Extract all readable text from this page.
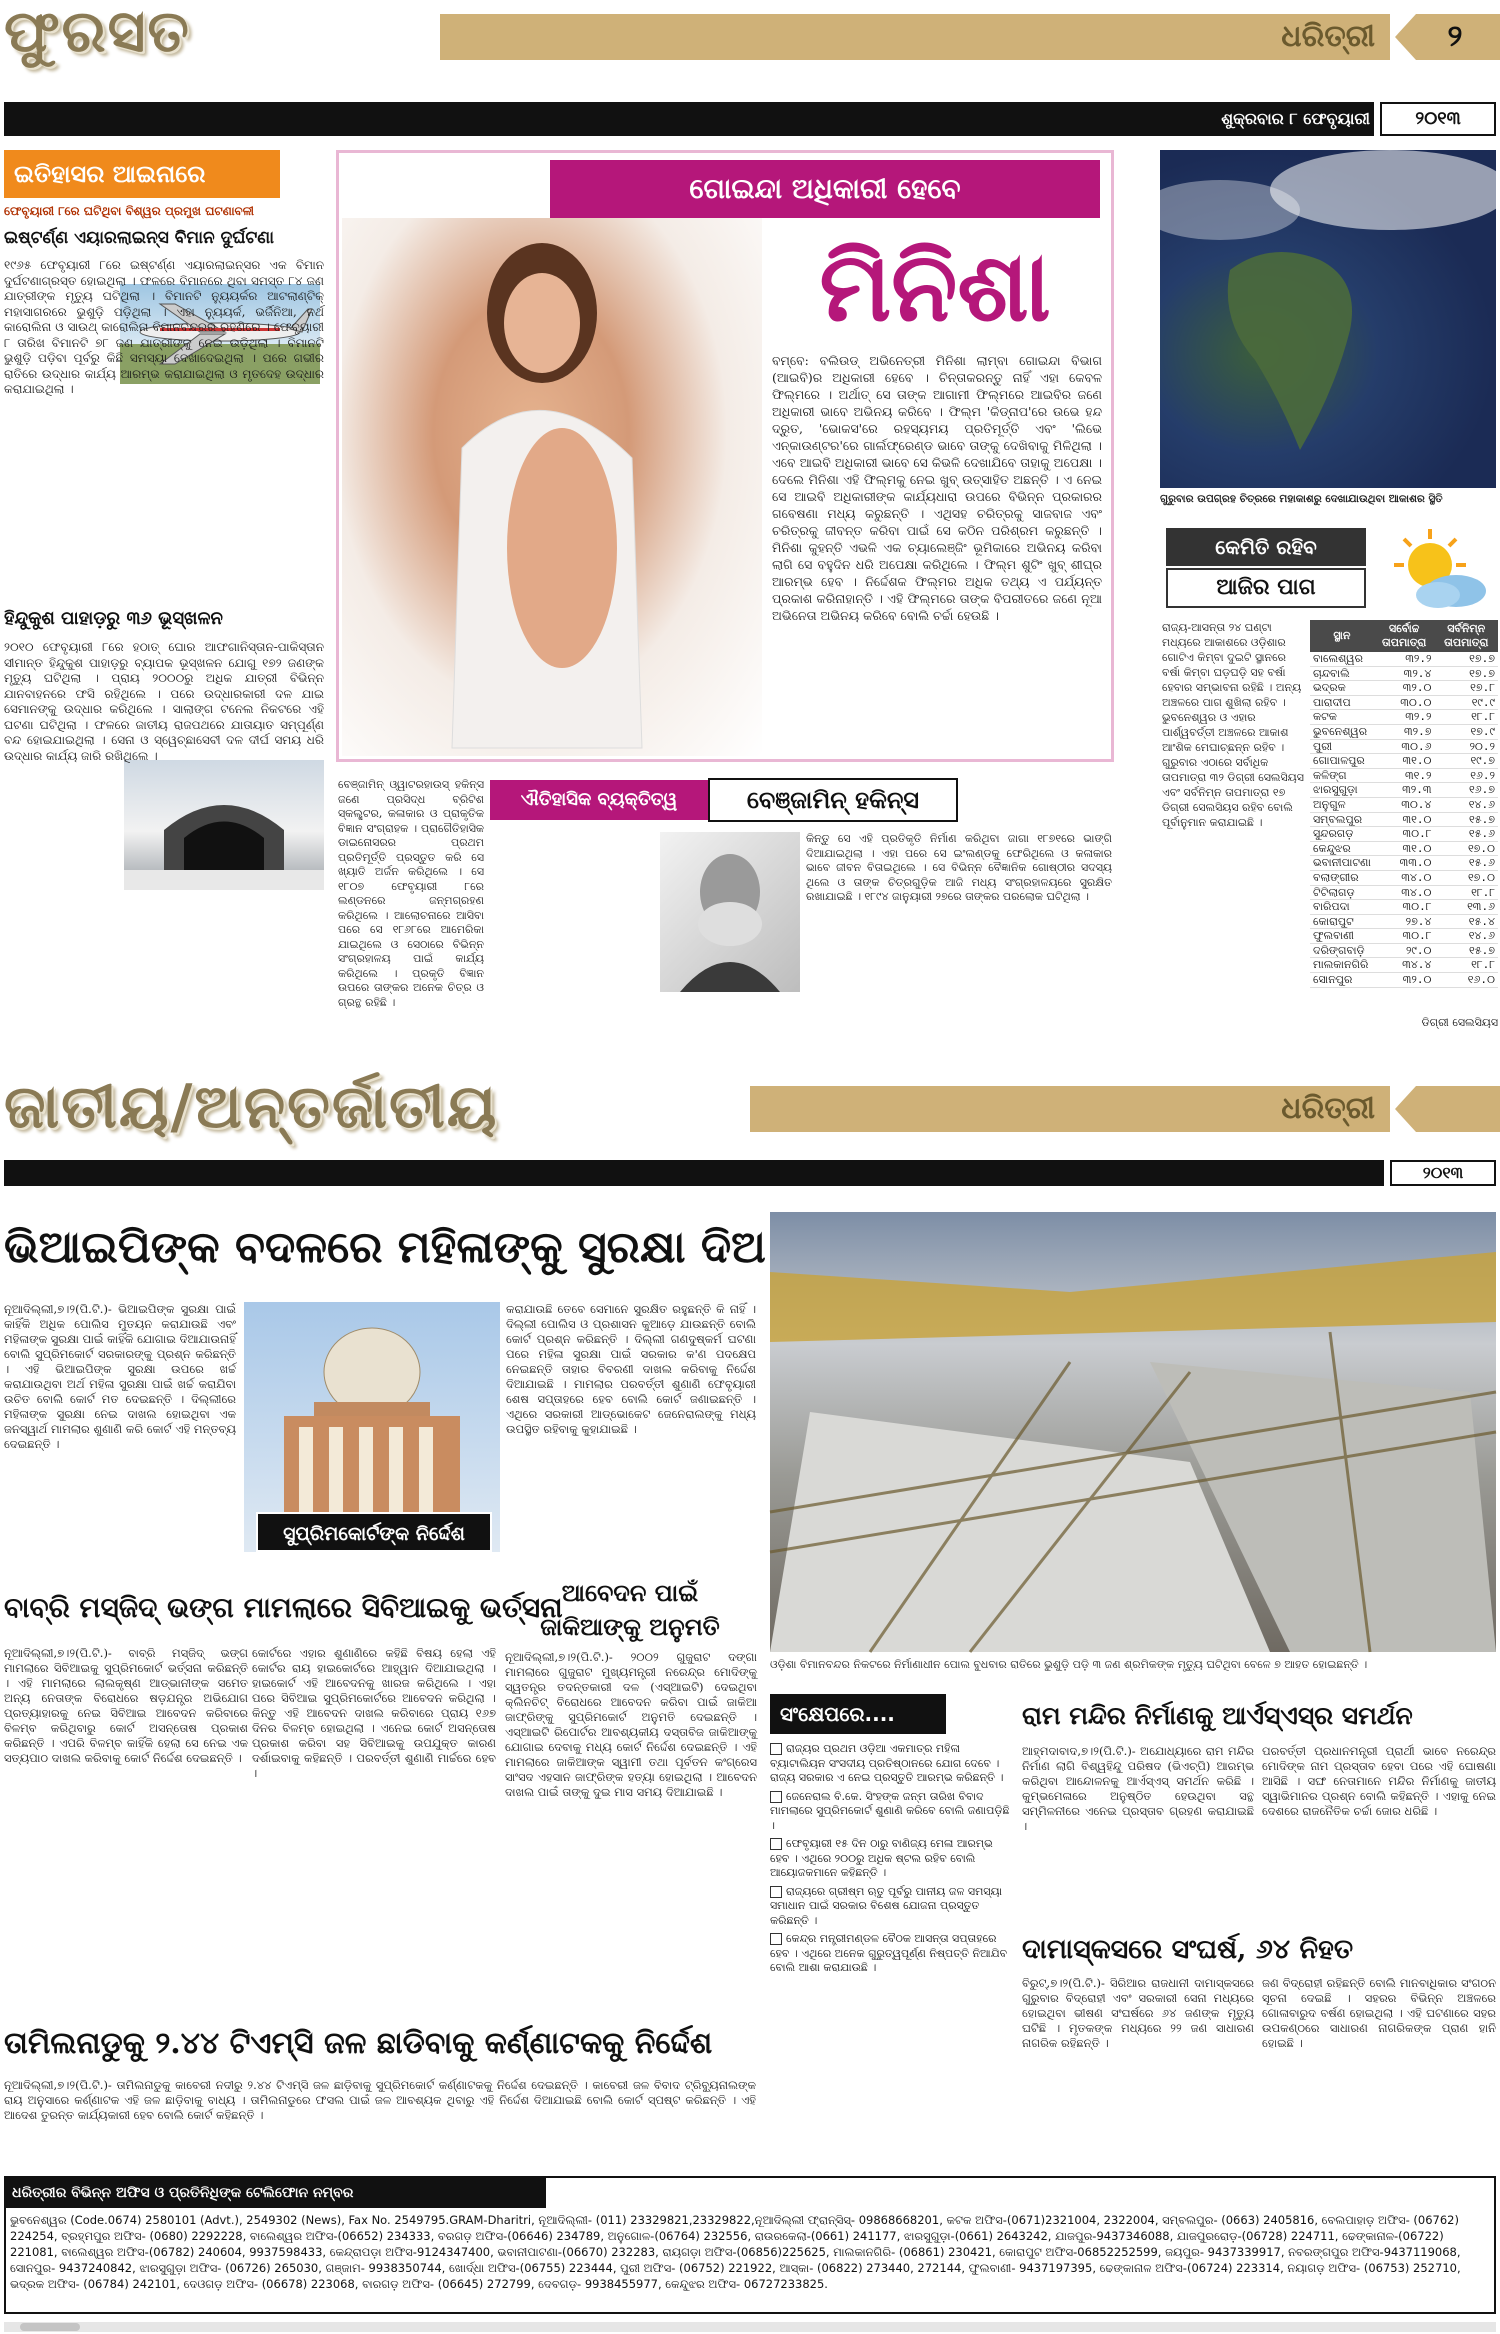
ଫୁରସତ	ଧରିତ୍ରୀ	୨
ଶୁକ୍ରବାର ୮ ଫେବୃୟାରୀ	୨୦୧୩
ଇତିହାସର ଆଇନାରେ
ଫେବୃୟାରୀ ୮ରେ ଘଟିଥିବା ବିଶ୍ୱର ପ୍ରମୁଖ ଘଟଣାବଳୀ
ଇଷ୍ଟର୍ଣ୍ଣ ଏୟାରଲାଇନ୍ସ ବିମାନ ଦୁର୍ଘଟଣା
୧୯୬୫ ଫେବୃୟାରୀ ୮ରେ ଇଷ୍ଟର୍ଣ୍ଣ ଏୟାରଲାଇନ୍ସର ଏକ ବିମାନ ଦୁର୍ଘଟଣାଗ୍ରସ୍ତ ହୋଇଥିଲା । ଫଳରେ ବିମାନରେ ଥିବା ସମସ୍ତ ୮୪ ଜଣ ଯାତ୍ରୀଙ୍କ ମୃତ୍ୟୁ ଘଟିଥିଲା । ବିମାନଟି ନ୍ୟୁୟର୍କର ଆଟଲାଣ୍ଟିକ୍ ମହାସାଗରରେ ଭୁଶୁଡ଼ି ପଡ଼ିଥିଲା । ଏହା ନ୍ୟୁୟର୍କ, ଭର୍ଜିନିଆ, ନର୍ଥ କାରୋଲିନା ଓ ସାଉଥ୍ କାରୋଲିନା ବିମାନବନ୍ଦରର ରହଣିରେ । ଫେବୃୟାରୀ ୮ ତାରିଖ ବିମାନଟି ୭୮ ଜଣ ଯାତ୍ରୀଙ୍କୁ ନେଇ ଉଡ଼ିଥିଲା । ବିମାନଟି ଭୁଶୁଡ଼ି ପଡ଼ିବା ପୂର୍ବରୁ କିଛି ସମସ୍ୟା ଦେଖାଦେଇଥିଲା । ପରେ ଗଭୀର ରାତିରେ ଉଦ୍ଧାର କାର୍ଯ୍ୟ ଆରମ୍ଭ କରାଯାଇଥିଲା ଓ ମୃତଦେହ ଉଦ୍ଧାର କରାଯାଇଥିଲା ।
ହିନ୍ଦୁକୁଶ ପାହାଡ଼ରୁ ୩୬ ଭୂସ୍ଖଳନ
୨୦୧୦ ଫେବୃୟାରୀ ୮ରେ ହଠାତ୍ ଘୋର ଆଫଗାନିସ୍ତାନ-ପାକିସ୍ତାନ ସୀମାନ୍ତ ହିନ୍ଦୁକୁଶ ପାହାଡ଼ରୁ ବ୍ୟାପକ ଭୂସ୍ଖଳନ ଯୋଗୁ ୧୭୨ ଜଣଙ୍କ ମୃତ୍ୟୁ ଘଟିଥିଲା । ପ୍ରାୟ ୨୦୦୦ରୁ ଅଧିକ ଯାତ୍ରୀ ବିଭିନ୍ନ ଯାନବାହନରେ ଫସି ରହିଥିଲେ । ପରେ ଉଦ୍ଧାରକାରୀ ଦଳ ଯାଇ ସେମାନଙ୍କୁ ଉଦ୍ଧାର କରିଥିଲେ । ସାଲାଙ୍ଗ ଟନେଲ ନିକଟରେ ଏହି ଘଟଣା ଘଟିଥିଲା । ଫଳରେ ଜାତୀୟ ରାଜପଥରେ ଯାତାୟାତ ସମ୍ପୂର୍ଣ୍ଣ ବନ୍ଦ ହୋଇଯାଇଥିଲା । ସେନା ଓ ସ୍ୱେଚ୍ଛାସେବୀ ଦଳ ଦୀର୍ଘ ସମୟ ଧରି ଉଦ୍ଧାର କାର୍ଯ୍ୟ ଜାରି ରଖିଥିଲେ ।
ଗୋଇନ୍ଦା ଅଧିକାରୀ ହେବେ
ମିନିଶା
ବମ୍ବେ: ବଲିଉଡ୍ ଅଭିନେତ୍ରୀ ମିନିଶା ଲାମ୍ବା ଗୋଇନ୍ଦା ବିଭାଗ (ଆଇବି)ର ଅଧିକାରୀ ହେବେ । ଚିନ୍ତାକରନ୍ତୁ ନାହିଁ ଏହା କେବଳ ଫିଲ୍ମରେ । ଅର୍ଥାତ୍ ସେ ତାଙ୍କ ଆଗାମୀ ଫିଲ୍ମରେ ଆଇବିର ଜଣେ ଅଧିକାରୀ ଭାବେ ଅଭିନୟ କରିବେ । ଫିଲ୍ମ 'କିଡ୍ନାପ'ରେ ଉଭେ ହନ୍ଦ ଦ୍ରୁତ, 'ଭୋକସ'ରେ ରହସ୍ୟମୟ ପ୍ରତିମୂର୍ତ୍ତି ଏବଂ 'ଲିଭେ ଏନ୍କାଉଣ୍ଟର'ରେ ଗାର୍ଲଫ୍ରେଣ୍ଡ ଭାବେ ତାଙ୍କୁ ଦେଖିବାକୁ ମିଳିଥିଲା । ଏବେ ଆଇବି ଅଧିକାରୀ ଭାବେ ସେ କିଭଳି ଦେଖାଯିବେ ତାହାକୁ ଅପେକ୍ଷା । ଦେଲେ ମିନିଶା ଏହି ଫିଲ୍ମକୁ ନେଇ ଖୁବ୍ ଉତ୍ସାହିତ ଅଛନ୍ତି । ଏ ନେଇ ସେ ଆଇବି ଅଧିକାରୀଙ୍କ କାର୍ଯ୍ୟଧାରା ଉପରେ ବିଭିନ୍ନ ପ୍ରକାରର ଗବେଷଣା ମଧ୍ୟ କରୁଛନ୍ତି । ଏଥିସହ ଚରିତ୍ରକୁ ସାଜବାଜ ଏବଂ ଚରିତ୍ରକୁ ଜୀବନ୍ତ କରିବା ପାଇଁ ସେ କଠିନ ପରିଶ୍ରମ କରୁଛନ୍ତି । ମିନିଶା କୁହନ୍ତି ଏଭଳି ଏକ ଚ୍ୟାଲେଞ୍ଜିଂ ଭୂମିକାରେ ଅଭିନୟ କରିବା ଲାଗି ସେ ବହୁଦିନ ଧରି ଅପେକ୍ଷା କରିଥିଲେ । ଫିଲ୍ମ ଶୁଟିଂ ଖୁବ୍ ଶୀଘ୍ର ଆରମ୍ଭ ହେବ । ନିର୍ଦ୍ଦେଶକ ଫିଲ୍ମର ଅଧିକ ତଥ୍ୟ ଏ ପର୍ଯ୍ୟନ୍ତ ପ୍ରକାଶ କରିନାହାନ୍ତି । ଏହି ଫିଲ୍ମରେ ତାଙ୍କ ବିପରୀତରେ ଜଣେ ନୂଆ ଅଭିନେତା ଅଭିନୟ କରିବେ ବୋଲି ଚର୍ଚ୍ଚା ହେଉଛି ।
ଐତିହାସିକ ବ୍ୟକ୍ତିତ୍ୱ	ବେଞ୍ଜାମିନ୍ ହକିନ୍ସ
ବେଞ୍ଜାମିନ୍ ଓ୍ୱାଟରହାଉସ୍ ହକିନ୍ସ ଜଣେ ପ୍ରସିଦ୍ଧ ବ୍ରିଟିଶ ସ୍କଲ୍ପ୍ଟର, କଳାକାର ଓ ପ୍ରାକୃତିକ ବିଜ୍ଞାନ ସଂଗ୍ରାହକ । ପ୍ରାଗୈତିହାସିକ ଡାଇନୋସରର ପ୍ରଥମ ପ୍ରତିମୂର୍ତ୍ତି ପ୍ରସ୍ତୁତ କରି ସେ ଖ୍ୟାତି ଅର୍ଜନ କରିଥିଲେ । ସେ ୧୮୦୭ ଫେବୃୟାରୀ ୮ରେ ଲଣ୍ଡନରେ ଜନ୍ମଗ୍ରହଣ କରିଥିଲେ । ଆଲୋଚନାରେ ଆସିବା ପରେ ସେ ୧୮୬୮ରେ ଆମେରିକା ଯାଇଥିଲେ ଓ ସେଠାରେ ବିଭିନ୍ନ ସଂଗ୍ରହାଳୟ ପାଇଁ କାର୍ଯ୍ୟ କରିଥିଲେ । ପ୍ରକୃତି ବିଜ୍ଞାନ ଉପରେ ତାଙ୍କର ଅନେକ ଚିତ୍ର ଓ ଗ୍ରନ୍ଥ ରହିଛି ।
କିନ୍ତୁ ସେ ଏହି ପ୍ରତିକୃତି ନିର୍ମାଣ କରିଥିବା ଜାଗା ୧୮୭୧ରେ ଭାଙ୍ଗି ଦିଆଯାଇଥିଲା । ଏହା ପରେ ସେ ଇଂଲଣ୍ଡକୁ ଫେରିଥିଲେ ଓ କଳାକାର ଭାବେ ଜୀବନ ବିତାଇଥିଲେ । ସେ ବିଭିନ୍ନ ବୈଜ୍ଞାନିକ ଗୋଷ୍ଠୀର ସଦସ୍ୟ ଥିଲେ ଓ ତାଙ୍କ ଚିତ୍ରଗୁଡ଼ିକ ଆଜି ମଧ୍ୟ ସଂଗ୍ରହାଳୟରେ ସୁରକ୍ଷିତ ରଖାଯାଇଛି । ୧୮୯୪ ଜାନୁୟାରୀ ୨୭ରେ ତାଙ୍କର ପରଲୋକ ଘଟିଥିଲା ।
ଗୁରୁବାର ଉପଗ୍ରହ ଚିତ୍ରରେ ମହାକାଶରୁ ଦେଖାଯାଉଥିବା ଆକାଶର ସ୍ଥିତି
କେମିତି ରହିବ
ଆଜିର ପାଗ
ରାଜ୍ୟ-ଆସନ୍ତା ୨୪ ଘଣ୍ଟା ମଧ୍ୟରେ ଆକାଶରେ ଓଡ଼ିଶାର ଗୋଟିଏ କିମ୍ବା ଦୁଇଟି ସ୍ଥାନରେ ବର୍ଷା କିମ୍ବା ଘଡ଼ଘଡ଼ି ସହ ବର୍ଷା ହେବାର ସମ୍ଭାବନା ରହିଛି । ଅନ୍ୟ ଅଞ୍ଚଳରେ ପାଗ ଶୁଖିଲା ରହିବ । ଭୁବନେଶ୍ୱର ଓ ଏହାର ପାର୍ଶ୍ୱବର୍ତ୍ତୀ ଅଞ୍ଚଳରେ ଆକାଶ ଆଂଶିକ ମେଘାଚ୍ଛନ୍ନ ରହିବ । ଗୁରୁବାର ଏଠାରେ ସର୍ବାଧିକ ତାପମାତ୍ରା ୩୨ ଡିଗ୍ରୀ ସେଲସିୟସ ଏବଂ ସର୍ବନିମ୍ନ ତାପମାତ୍ରା ୧୭ ଡିଗ୍ରୀ ସେଲସିୟସ ରହିବ ବୋଲି ପୂର୍ବାନୁମାନ କରାଯାଇଛି ।
ସ୍ଥାନ	ସର୍ବୋଚ୍ଚ ତାପମାତ୍ରା	ସର୍ବନିମ୍ନ ତାପମାତ୍ରା
ବାଲେଶ୍ୱର	୩୨.୨	୧୭.୭
ଚାନ୍ଦବାଲି	୩୨.୪	୧୭.୭
ଭଦ୍ରକ	୩୨.୦	୧୭.୮
ପାରାଦୀପ	୩୦.୦	୧୯.୯
କଟକ	୩୨.୨	୧୮.୮
ଭୁବନେଶ୍ୱର	୩୨.୭	୧୭.୯
ପୁରୀ	୩୦.୬	୨୦.୨
ଗୋପାଳପୁର	୩୧.୦	୧୯.୭
କଳିଙ୍ଗ	୩୧.୨	୧୬.୨
ଝାରସୁଗୁଡ଼ା	୩୨.୩	୧୬.୭
ଅନୁଗୁଳ	୩୦.୪	୧୪.୬
ସମ୍ବଲପୁର	୩୧.୦	୧୫.୭
ସୁନ୍ଦରଗଡ଼	୩୦.୮	୧୫.୬
କେନ୍ଦୁଝର	୩୧.୦	୧୭.୦
ଭବାନୀପାଟଣା	୩୩.୦	୧୫.୬
ବଲାଙ୍ଗୀର	୩୪.୦	୧୭.୦
ଟିଟିଲାଗଡ଼	୩୪.୦	୧୮.୮
ବାରିପଦା	୩୦.୮	୧୩.୬
କୋରାପୁଟ	୨୭.୪	୧୫.୪
ଫୁଲବାଣୀ	୩୦.୮	୧୪.୬
ଦରିଙ୍ଗବାଡ଼ି	୨୯.୦	୧୫.୭
ମାଲକାନଗିରି	୩୪.୪	୧୮.୮
ସୋନପୁର	୩୨.୦	୧୬.୦
ଡିଗ୍ରୀ ସେଲସିୟସ
ଜାତୀୟ/ଅନ୍ତର୍ଜାତୀୟ	ଧରିତ୍ରୀ
୨୦୧୩
ଭିଆଇପିଙ୍କ ବଦଳରେ ମହିଳାଙ୍କୁ ସୁରକ୍ଷା ଦିଅ
ନୂଆଦିଲ୍ଲୀ,୭।୨(ପି.ଟି.)- ଭିଆଇପିଙ୍କ ସୁରକ୍ଷା ପାଇଁ କାହିଁକି ଅଧିକ ପୋଲିସ ମୁତୟନ କରାଯାଉଛି ଏବଂ ମହିଳାଙ୍କ ସୁରକ୍ଷା ପାଇଁ କାହିଁକି ଯୋଗାଇ ଦିଆଯାଉନାହିଁ ବୋଲି ସୁପ୍ରିମକୋର୍ଟ ସରକାରଙ୍କୁ ପ୍ରଶ୍ନ କରିଛନ୍ତି । ଏହି ଭିଆଇପିଙ୍କ ସୁରକ୍ଷା ଉପରେ ଖର୍ଚ୍ଚ କରାଯାଉଥିବା ଅର୍ଥ ମହିଳା ସୁରକ୍ଷା ପାଇଁ ଖର୍ଚ୍ଚ କରାଯିବା ଉଚିତ ବୋଲି କୋର୍ଟ ମତ ଦେଇଛନ୍ତି । ଦିଲ୍ଲୀରେ ମହିଳାଙ୍କ ସୁରକ୍ଷା ନେଇ ଦାଖଲ ହୋଇଥିବା ଏକ ଜନସ୍ୱାର୍ଥ ମାମଲାର ଶୁଣାଣି କରି କୋର୍ଟ ଏହି ମନ୍ତବ୍ୟ ଦେଇଛନ୍ତି ।
ସୁପ୍ରିମକୋର୍ଟଙ୍କ ନିର୍ଦ୍ଦେଶ
କରାଯାଉଛି ତେବେ ସେମାନେ ସୁରକ୍ଷିତ ରହୁଛନ୍ତି କି ନାହିଁ । ଦିଲ୍ଲୀ ପୋଲିସ ଓ ପ୍ରଶାସନ କୁଆଡ଼େ ଯାଉଛନ୍ତି ବୋଲି କୋର୍ଟ ପ୍ରଶ୍ନ କରିଛନ୍ତି । ଦିଲ୍ଲୀ ଗଣଦୁଷ୍କର୍ମ ଘଟଣା ପରେ ମହିଳା ସୁରକ୍ଷା ପାଇଁ ସରକାର କ'ଣ ପଦକ୍ଷେପ ନେଇଛନ୍ତି ତାହାର ବିବରଣୀ ଦାଖଲ କରିବାକୁ ନିର୍ଦ୍ଦେଶ ଦିଆଯାଇଛି । ମାମଲାର ପରବର୍ତ୍ତୀ ଶୁଣାଣି ଫେବୃୟାରୀ ଶେଷ ସପ୍ତାହରେ ହେବ ବୋଲି କୋର୍ଟ ଜଣାଇଛନ୍ତି । ଏଥିରେ ସରକାରୀ ଆଡ୍ଭୋକେଟ ଜେନେରାଲଙ୍କୁ ମଧ୍ୟ ଉପସ୍ଥିତ ରହିବାକୁ କୁହାଯାଇଛି ।
ବାବ୍ରି ମସ୍ଜିଦ୍ ଭଙ୍ଗ ମାମଲାରେ ସିବିଆଇକୁ ଭର୍ତ୍ସନା
ନୂଆଦିଲ୍ଲୀ,୭।୨(ପି.ଟି.)- ବାବ୍ରି ମସ୍ଜିଦ୍ ଭଙ୍ଗ ମାମଲାରେ ସିବିଆଇକୁ ସୁପ୍ରିମକୋର୍ଟ ଭର୍ତ୍ସନା କରିଛନ୍ତି । ଏହି ମାମଲାରେ ଲାଲକୃଷ୍ଣ ଆଡ୍ଭାନୀଙ୍କ ସମେତ ଅନ୍ୟ ନେତାଙ୍କ ବିରୋଧରେ ଷଡ଼ଯନ୍ତ୍ର ଅଭିଯୋଗ ପ୍ରତ୍ୟାହାରକୁ ନେଇ ସିବିଆଇ ଆବେଦନ କରିବାରେ ବିଳମ୍ବ କରିଥିବାରୁ କୋର୍ଟ ଅସନ୍ତୋଷ ପ୍ରକାଶ କରିଛନ୍ତି । ଏପରି ବିଳମ୍ବ କାହିଁକି ହେଲା ସେ ନେଇ ଏକ ସତ୍ୟପାଠ ଦାଖଲ କରିବାକୁ କୋର୍ଟ ନିର୍ଦ୍ଦେଶ ଦେଇଛନ୍ତି ।
କୋର୍ଟରେ ଏହାର ଶୁଣାଣିରେ କହିଛି ବିଷୟ ହେଲା ଏହି କୋର୍ଟର ରାୟ ହାଇକୋର୍ଟରେ ଆହ୍ୱାନ ଦିଆଯାଇଥିଲା । ହାଇକୋର୍ଟ ଏହି ଆବେଦନକୁ ଖାରଜ କରିଥିଲେ । ଏହା ପରେ ସିବିଆଇ ସୁପ୍ରିମକୋର୍ଟରେ ଆବେଦନ କରିଥିଲା । କିନ୍ତୁ ଏହି ଆବେଦନ ଦାଖଲ କରିବାରେ ପ୍ରାୟ ୧୬୭ ଦିନର ବିଳମ୍ବ ହୋଇଥିଲା । ଏନେଇ କୋର୍ଟ ଅସନ୍ତୋଷ ପ୍ରକାଶ କରିବା ସହ ସିବିଆଇକୁ ଉପଯୁକ୍ତ କାରଣ ଦର୍ଶାଇବାକୁ କହିଛନ୍ତି । ପରବର୍ତ୍ତୀ ଶୁଣାଣି ମାର୍ଚ୍ଚରେ ହେବ ।
ଆବେଦନ ପାଇଁ
ଜାକିଆଙ୍କୁ ଅନୁମତି
ନୂଆଦିଲ୍ଲୀ,୭।୨(ପି.ଟି.)- ୨୦୦୨ ଗୁଜୁରାଟ ଦଙ୍ଗା ମାମଲାରେ ଗୁଜୁରାଟ ମୁଖ୍ୟମନ୍ତ୍ରୀ ନରେନ୍ଦ୍ର ମୋଦିଙ୍କୁ ସ୍ୱତନ୍ତ୍ର ତଦନ୍ତକାରୀ ଦଳ (ଏସ୍ଆଇଟି) ଦେଇଥିବା କ୍ଲିନଚିଟ୍ ବିରୋଧରେ ଆବେଦନ କରିବା ପାଇଁ ଜାକିଆ ଜାଫ୍ରିଙ୍କୁ ସୁପ୍ରିମକୋର୍ଟ ଅନୁମତି ଦେଇଛନ୍ତି । ଏସ୍ଆଇଟି ରିପୋର୍ଟର ଆବଶ୍ୟକୀୟ ଦସ୍ତାବିଜ ଜାକିଆଙ୍କୁ ଯୋଗାଇ ଦେବାକୁ ମଧ୍ୟ କୋର୍ଟ ନିର୍ଦ୍ଦେଶ ଦେଇଛନ୍ତି । ଏହି ମାମଲାରେ ଜାକିଆଙ୍କ ସ୍ୱାମୀ ତଥା ପୂର୍ବତନ କଂଗ୍ରେସ ସାଂସଦ ଏହସାନ ଜାଫ୍ରିଙ୍କ ହତ୍ୟା ହୋଇଥିଲା । ଆବେଦନ ଦାଖଲ ପାଇଁ ତାଙ୍କୁ ଦୁଇ ମାସ ସମୟ ଦିଆଯାଇଛି ।
ତାମିଲନାଡୁକୁ ୨.୪୪ ଟିଏମ୍ସି ଜଳ ଛାଡିବାକୁ କର୍ଣ୍ଣାଟକକୁ ନିର୍ଦ୍ଦେଶ
ନୂଆଦିଲ୍ଲୀ,୭।୨(ପି.ଟି.)- ତାମିଲନାଡୁକୁ କାବେରୀ ନଦୀରୁ ୨.୪୪ ଟିଏମ୍ସି ଜଳ ଛାଡ଼ିବାକୁ ସୁପ୍ରିମକୋର୍ଟ କର୍ଣ୍ଣାଟକକୁ ନିର୍ଦ୍ଦେଶ ଦେଇଛନ୍ତି । କାବେରୀ ଜଳ ବିବାଦ ଟ୍ରିବ୍ୟୁନାଲଙ୍କ ରାୟ ଅନୁସାରେ କର୍ଣ୍ଣାଟକ ଏହି ଜଳ ଛାଡ଼ିବାକୁ ବାଧ୍ୟ । ତାମିଲନାଡୁରେ ଫସଲ ପାଇଁ ଜଳ ଆବଶ୍ୟକ ଥିବାରୁ ଏହି ନିର୍ଦ୍ଦେଶ ଦିଆଯାଇଛି ବୋଲି କୋର୍ଟ ସ୍ପଷ୍ଟ କରିଛନ୍ତି । ଏହି ଆଦେଶ ତୁରନ୍ତ କାର୍ଯ୍ୟକାରୀ ହେବ ବୋଲି କୋର୍ଟ କହିଛନ୍ତି ।
ଓଡ଼ିଶା ବିମାନବନ୍ଦର ନିକଟରେ ନିର୍ମାଣାଧୀନ ପୋଲ ବୁଧବାର ରାତିରେ ଭୁଶୁଡ଼ି ପଡ଼ି ୩ ଜଣ ଶ୍ରମିକଙ୍କ ମୃତ୍ୟୁ ଘଟିଥିବା ବେଳେ ୭ ଆହତ ହୋଇଛନ୍ତି ।
ସଂକ୍ଷେପରେ....
ରାଜ୍ୟର ପ୍ରଥମ ଓଡ଼ିଆ ଏକମାତ୍ର ମହିଳା ବ୍ୟାଟାଲିୟନ ସଂସଦୀୟ ପ୍ରତିଷ୍ଠାନରେ ଯୋଗ ଦେବେ । ରାଜ୍ୟ ସରକାର ଏ ନେଇ ପ୍ରସ୍ତୁତି ଆରମ୍ଭ କରିଛନ୍ତି ।
ଜେନେରାଲ ବି.କେ. ସିଂହଙ୍କ ଜନ୍ମ ତାରିଖ ବିବାଦ ମାମଲାରେ ସୁପ୍ରିମକୋର୍ଟ ଶୁଣାଣି କରିବେ ବୋଲି ଜଣାପଡ଼ିଛି ।
ଫେବୃୟାରୀ ୧୫ ଦିନ ଠାରୁ ବାଣିଜ୍ୟ ମେଳା ଆରମ୍ଭ ହେବ । ଏଥିରେ ୨୦୦ରୁ ଅଧିକ ଷ୍ଟଲ ରହିବ ବୋଲି ଆୟୋଜକମାନେ କହିଛନ୍ତି ।
ରାଜ୍ୟରେ ଗ୍ରୀଷ୍ମ ଋତୁ ପୂର୍ବରୁ ପାନୀୟ ଜଳ ସମସ୍ୟା ସମାଧାନ ପାଇଁ ସରକାର ବିଶେଷ ଯୋଜନା ପ୍ରସ୍ତୁତ କରିଛନ୍ତି ।
କେନ୍ଦ୍ର ମନ୍ତ୍ରୀମଣ୍ଡଳ ବୈଠକ ଆସନ୍ତା ସପ୍ତାହରେ ହେବ । ଏଥିରେ ଅନେକ ଗୁରୁତ୍ୱପୂର୍ଣ୍ଣ ନିଷ୍ପତ୍ତି ନିଆଯିବ ବୋଲି ଆଶା କରାଯାଉଛି ।
ରାମ ମନ୍ଦିର ନିର୍ମାଣକୁ ଆର୍ଏସ୍ଏସ୍‌ର ସମର୍ଥନ
ଆହ୍ମଦାବାଦ,୭।୨(ପି.ଟି.)- ଅଯୋଧ୍ୟାରେ ରାମ ମନ୍ଦିର ନିର୍ମାଣ ଲାଗି ବିଶ୍ୱହିନ୍ଦୁ ପରିଷଦ (ଭିଏଚ୍ପି) ଆରମ୍ଭ କରିଥିବା ଆନ୍ଦୋଳନକୁ ଆର୍ଏସ୍ଏସ୍ ସମର୍ଥନ କରିଛି । କୁମ୍ଭମେଳାରେ ଅନୁଷ୍ଠିତ ହେଉଥିବା ସନ୍ଥ ସମ୍ମିଳନୀରେ ଏନେଇ ପ୍ରସ୍ତାବ ଗ୍ରହଣ କରାଯାଇଛି ।
ପରବର୍ତ୍ତୀ ପ୍ରଧାନମନ୍ତ୍ରୀ ପ୍ରାର୍ଥୀ ଭାବେ ନରେନ୍ଦ୍ର ମୋଦିଙ୍କ ନାମ ପ୍ରସ୍ତାବ ହେବା ପରେ ଏହି ଘୋଷଣା ଆସିଛି । ସଙ୍ଘ ନେତାମାନେ ମନ୍ଦିର ନିର୍ମାଣକୁ ଜାତୀୟ ସ୍ୱାଭିମାନର ପ୍ରଶ୍ନ ବୋଲି କହିଛନ୍ତି । ଏହାକୁ ନେଇ ଦେଶରେ ରାଜନୈତିକ ଚର୍ଚ୍ଚା ଜୋର ଧରିଛି ।
ଦାମାସ୍କସରେ ସଂଘର୍ଷ, ୬୪ ନିହତ
ବିରୁଟ୍,୭।୨(ପି.ଟି.)- ସିରିଆର ରାଜଧାନୀ ଦାମାସ୍କସରେ ଗୁରୁବାର ବିଦ୍ରୋହୀ ଏବଂ ସରକାରୀ ସେନା ମଧ୍ୟରେ ହୋଇଥିବା ଭୀଷଣ ସଂଘର୍ଷରେ ୬୪ ଜଣଙ୍କ ମୃତ୍ୟୁ ଘଟିଛି । ମୃତକଙ୍କ ମଧ୍ୟରେ ୨୨ ଜଣ ସାଧାରଣ ନାଗରିକ ରହିଛନ୍ତି ।
ଜଣ ବିଦ୍ରୋହୀ ରହିଛନ୍ତି ବୋଲି ମାନବାଧିକାର ସଂଗଠନ ସୂଚନା ଦେଇଛି । ସହରର ବିଭିନ୍ନ ଅଞ୍ଚଳରେ ଗୋଳାବାରୁଦ ବର୍ଷଣ ହୋଇଥିଲା । ଏହି ଘଟଣାରେ ସହର ଉପକଣ୍ଠରେ ସାଧାରଣ ନାଗରିକଙ୍କ ପ୍ରାଣ ହାନି ହୋଇଛି ।
ଧରିତ୍ରୀର ବିଭିନ୍ନ ଅଫିସ ଓ ପ୍ରତିନିଧିଙ୍କ ଟେଲିଫୋନ ନମ୍ବର
ଭୁବନେଶ୍ୱର (Code.0674) 2580101 (Advt.), 2549302 (News), Fax No. 2549795.GRAM-Dharitri, ନୂଆଦିଲ୍ଲୀ- (011) 23329821,23329822,ନୂଆଦିଲ୍ଲୀ ଫ୍ରାନ୍ସିସ୍- 09868668201, କଟକ ଅଫିସ-(0671)2321004, 2322004, ସମ୍ବଲପୁର- (0663) 2405816, ବେଲପାହାଡ଼ ଅଫିସ- (06762) 224254, ବ୍ରହ୍ମପୁର ଅଫିସ- (0680) 2292228, ବାଲେଶ୍ୱର ଅଫିସ-(06652) 234333, ବରଗଡ଼ ଅଫିସ-(06646) 234789, ଅନୁଗୋଳ-(06764) 232556, ରାଉରକେଲା-(0661) 241177, ଝାରସୁଗୁଡ଼ା-(0661) 2643242, ଯାଜପୁର-9437346088, ଯାଜପୁରରୋଡ଼-(06728) 224711, ଢେଙ୍କାନାଳ-(06722) 221081, ବାଲେଶ୍ୱର ଅଫିସ-(06782) 240604, 9937598433, କେନ୍ଦ୍ରାପଡ଼ା ଅଫିସ-9124347400, ଭବାନୀପାଟଣା-(06670) 232283, ରାୟଗଡ଼ା ଅଫିସ-(06856)225625, ମାଲକାନଗିରି- (06861) 230421, କୋରାପୁଟ ଅଫିସ-06852252599, ଜୟପୁର- 9437339917, ନବରଙ୍ଗପୁର ଅଫିସ-9437119068, ସୋନପୁର- 9437240842, ଝାରସୁଗୁଡ଼ା ଅଫିସ- (06726) 265030, ଗଞ୍ଜାମ- 9938350744, ଖୋର୍ଦ୍ଧା ଅଫିସ-(06755) 223444, ପୁରୀ ଅଫିସ- (06752) 221922, ଆସ୍କା- (06822) 273440, 272144, ଫୁଲବାଣୀ- 9437197395, ଢେଙ୍କାନାଳ ଅଫିସ-(06724) 223314, ନୟାଗଡ଼ ଅଫିସ- (06753) 252710, ଭଦ୍ରକ ଅଫିସ- (06784) 242101, ଦେଓଗଡ଼ ଅଫିସ- (06678) 223068, ବାରଗଡ଼ ଅଫିସ- (06645) 272799, ଦେବଗଡ଼- 9938455977, କେନ୍ଦୁଝର ଅଫିସ- 06727233825.
